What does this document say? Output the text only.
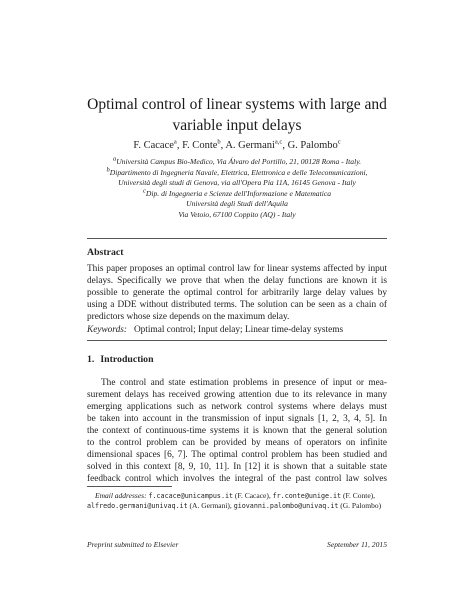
Optimal control of linear systems with large and
variable input delays
F. Cacace$^a$, F. Conte$^b$, A. Germani$^{a,c}$, G. Palombo$^c$
$^a$Università Campus Bio-Medico, Via Álvaro del Portillo, 21, 00128 Roma - Italy.
$^b$Dipartimento di Ingegneria Navale, Elettrica, Elettronica e delle Telecomunicazioni,
Università degli studi di Genova, via all'Opera Pia 11A, 16145 Genova - Italy
$^c$Dip. di Ingegneria e Scienze dell'Informazione e Matematica
Università degli Studi dell'Aquila
Via Vetoio, 67100 Coppito (AQ) - Italy
Abstract
This paper proposes an optimal control law for linear systems affected by input delays. Specifically we prove that when the delay functions are known it is possible to generate the optimal control for arbitrarily large delay values by using a DDE without distributed terms. The solution can be seen as a chain of predictors whose size depends on the maximum delay.
Keywords: Optimal control; Input delay; Linear time-delay systems
1. Introduction
The control and state estimation problems in presence of input or mea-
surement delays has received growing attention due to its relevance in many
emerging applications such as network control systems where delays must
be taken into account in the transmission of input signals [1, 2, 3, 4, 5]. In
the context of continuous-time systems it is known that the general solution
to the control problem can be provided by means of operators on infinite
dimensional spaces [6, 7]. The optimal control problem has been studied and
solved in this context [8, 9, 10, 11]. In [12] it is shown that a suitable state
feedback control which involves the integral of the past control law solves
Email addresses: f.cacace@unicampus.it (F. Cacace), fr.conte@unige.it (F. Conte), alfredo.germani@univaq.it (A. Germani), giovanni.palombo@univaq.it (G. Palombo)
Preprint submitted to Elsevier	September 11, 2015
